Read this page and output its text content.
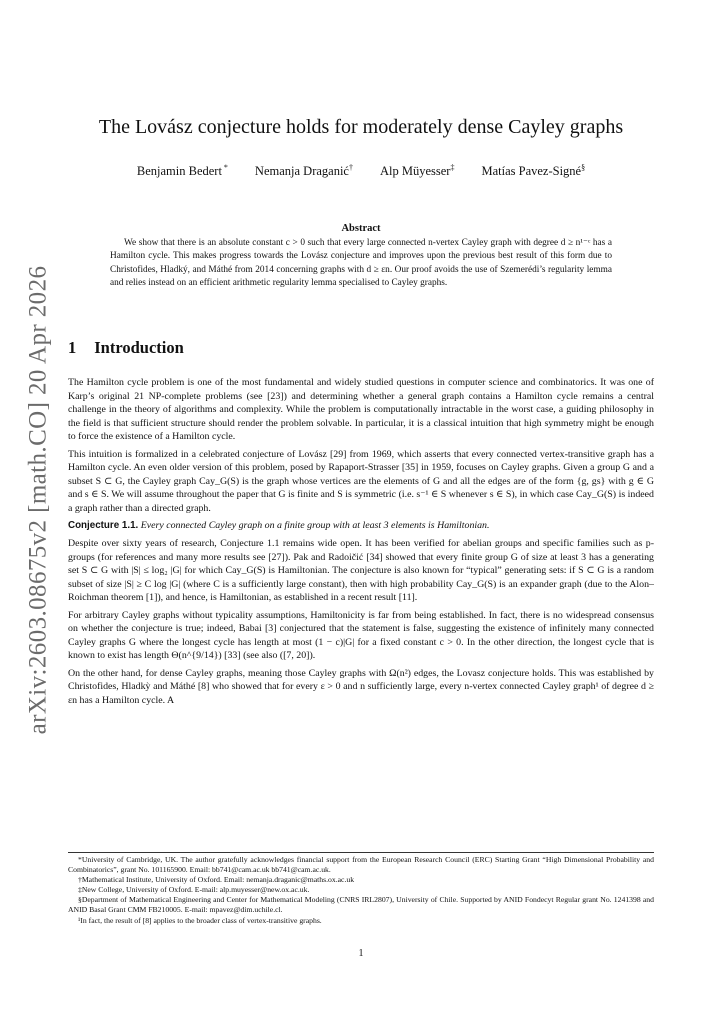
arXiv:2603.08675v2 [math.CO] 20 Apr 2026
The Lovász conjecture holds for moderately dense Cayley graphs
Benjamin Bedert * Nemanja Draganić† Alp Müyesser‡ Matías Pavez-Signé§
Abstract

We show that there is an absolute constant c > 0 such that every large connected n-vertex Cayley graph with degree d ≥ n¹⁻ᶜ has a Hamilton cycle. This makes progress towards the Lovász conjecture and improves upon the previous best result of this form due to Christofides, Hladký, and Máthé from 2014 concerning graphs with d ≥ εn. Our proof avoids the use of Szemerédi’s regularity lemma and relies instead on an efficient arithmetic regularity lemma specialised to Cayley graphs.

1 Introduction

The Hamilton cycle problem is one of the most fundamental and widely studied questions in computer science and combinatorics. It was one of Karp’s original 21 NP-complete problems (see [23]) and determining whether a general graph contains a Hamilton cycle remains a central challenge in the theory of algorithms and complexity. While the problem is computationally intractable in the worst case, a guiding philosophy in the field is that sufficient structure should render the problem solvable. In particular, it is a classical intuition that high symmetry might be enough to force the existence of a Hamilton cycle.

This intuition is formalized in a celebrated conjecture of Lovász [29] from 1969, which asserts that every connected vertex-transitive graph has a Hamilton cycle. An even older version of this problem, posed by Rapaport-Strasser [35] in 1959, focuses on Cayley graphs. Given a group G and a subset S ⊂ G, the Cayley graph Cay_G(S) is the graph whose vertices are the elements of G and all the edges are of the form {g, gs} with g ∈ G and s ∈ S. We will assume throughout the paper that G is finite and S is symmetric (i.e. s⁻¹ ∈ S whenever s ∈ S), in which case Cay_G(S) is indeed a graph rather than a directed graph.

Conjecture 1.1. Every connected Cayley graph on a finite group with at least 3 elements is Hamiltonian.

Despite over sixty years of research, Conjecture 1.1 remains wide open. It has been verified for abelian groups and specific families such as p-groups (for references and many more results see [27]). Pak and Radoičić [34] showed that every finite group G of size at least 3 has a generating set S ⊂ G with |S| ≤ log₂ |G| for which Cay_G(S) is Hamiltonian. The conjecture is also known for “typical” generating sets: if S ⊂ G is a random subset of size |S| ≥ C log |G| (where C is a sufficiently large constant), then with high probability Cay_G(S) is an expander graph (due to the Alon–Roichman theorem [1]), and hence, is Hamiltonian, as established in a recent result [11].

For arbitrary Cayley graphs without typicality assumptions, Hamiltonicity is far from being established. In fact, there is no widespread consensus on whether the conjecture is true; indeed, Babai [3] conjectured that the statement is false, suggesting the existence of infinitely many connected Cayley graphs G where the longest cycle has length at most (1 − c)|G| for a fixed constant c > 0. In the other direction, the longest cycle that is known to exist has length Θ(n^{9/14}) [33] (see also ([7, 20]).

On the other hand, for dense Cayley graphs, meaning those Cayley graphs with Ω(n²) edges, the Lovasz conjecture holds. This was established by Christofides, Hladkỳ and Máthé [8] who showed that for every ε > 0 and n sufficiently large, every n-vertex connected Cayley graph¹ of degree d ≥ εn has a Hamilton cycle. A

*University of Cambridge, UK. The author gratefully acknowledges financial support from the European Research Council (ERC) Starting Grant “High Dimensional Probability and Combinatorics”, grant No. 101165900. Email: bb741@cam.ac.uk bb741@cam.ac.uk.

†Mathematical Institute, University of Oxford. Email: nemanja.draganic@maths.ox.ac.uk

‡New College, University of Oxford. E-mail: alp.muyesser@new.ox.ac.uk.

§Department of Mathematical Engineering and Center for Mathematical Modeling (CNRS IRL2807), University of Chile. Supported by ANID Fondecyt Regular grant No. 1241398 and ANID Basal Grant CMM FB210005. E-mail: mpavez@dim.uchile.cl.

¹In fact, the result of [8] applies to the broader class of vertex-transitive graphs.

1
